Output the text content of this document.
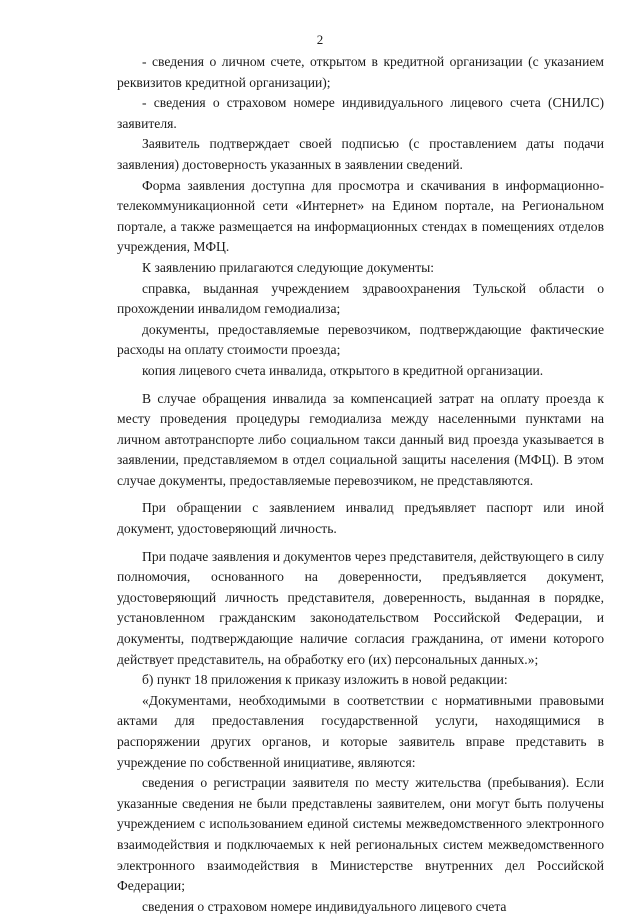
2

- сведения о личном счете, открытом в кредитной организации (с указанием реквизитов кредитной организации);

- сведения о страховом номере индивидуального лицевого счета (СНИЛС) заявителя.

Заявитель подтверждает своей подписью (с проставлением даты подачи заявления) достоверность указанных в заявлении сведений.

Форма заявления доступна для просмотра и скачивания в информационно-телекоммуникационной сети «Интернет» на Едином портале, на Региональном портале, а также размещается на информационных стендах в помещениях отделов учреждения, МФЦ.

К заявлению прилагаются следующие документы:

справка, выданная учреждением здравоохранения Тульской области о прохождении инвалидом гемодиализа;

документы, предоставляемые перевозчиком, подтверждающие фактические расходы на оплату стоимости проезда;

копия лицевого счета инвалида, открытого в кредитной организации.

В случае обращения инвалида за компенсацией затрат на оплату проезда к месту проведения процедуры гемодиализа между населенными пунктами на личном автотранспорте либо социальном такси данный вид проезда указывается в заявлении, представляемом в отдел социальной защиты населения (МФЦ). В этом случае документы, предоставляемые перевозчиком, не представляются.

При обращении с заявлением инвалид предъявляет паспорт или иной документ, удостоверяющий личность.

При подаче заявления и документов через представителя, действующего в силу полномочия, основанного на доверенности, предъявляется документ, удостоверяющий личность представителя, доверенность, выданная в порядке, установленном гражданским законодательством Российской Федерации, и документы, подтверждающие наличие согласия гражданина, от имени которого действует представитель, на обработку его (их) персональных данных.»;

б) пункт 18 приложения к приказу изложить в новой редакции:

«Документами, необходимыми в соответствии с нормативными правовыми актами для предоставления государственной услуги, находящимися в распоряжении других органов, и которые заявитель вправе представить в учреждение по собственной инициативе, являются:

сведения о регистрации заявителя по месту жительства (пребывания). Если указанные сведения не были представлены заявителем, они могут быть получены учреждением с использованием единой системы межведомственного электронного взаимодействия и подключаемых к ней региональных систем межведомственного электронного взаимодействия в Министерстве внутренних дел Российской Федерации;

сведения о страховом номере индивидуального лицевого счета
